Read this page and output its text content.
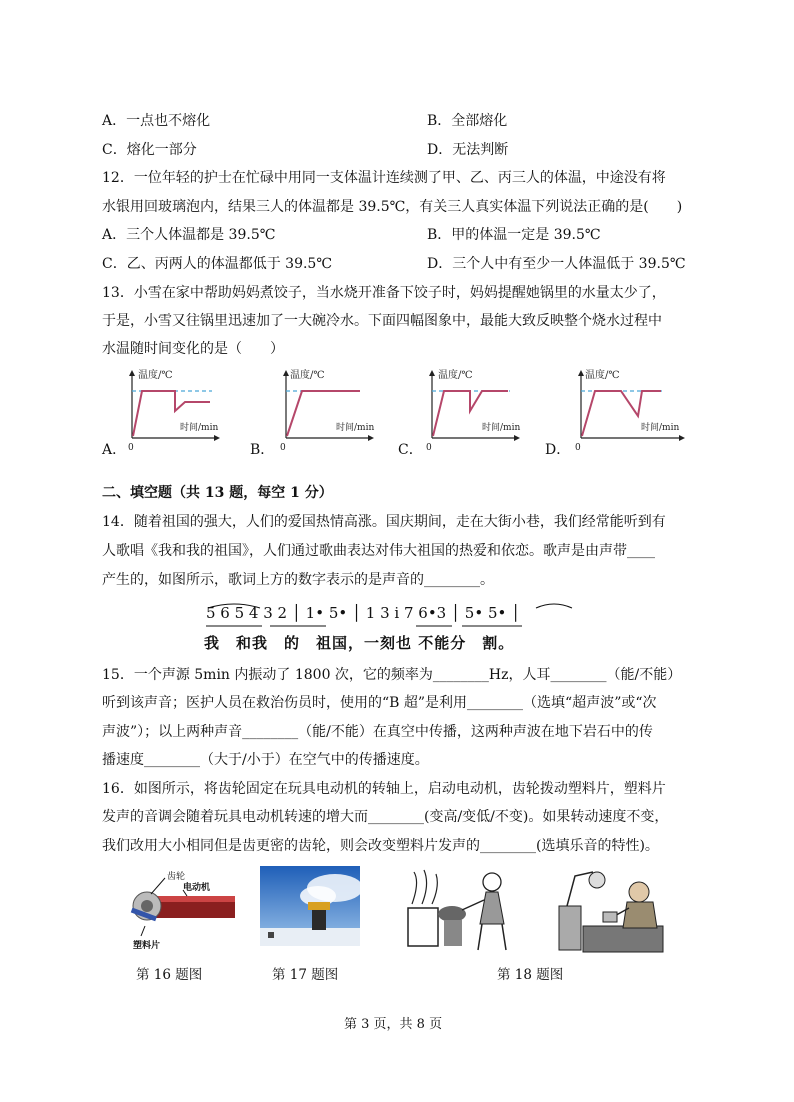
A．一点也不熔化	B．全部熔化
C．熔化一部分	D．无法判断
12．一位年轻的护士在忙碌中用同一支体温计连续测了甲、乙、丙三人的体温，中途没有将
水银用回玻璃泡内，结果三人的体温都是 39.5℃，有关三人真实体温下列说法正确的是(　　)
A．三个人体温都是 39.5℃	B．甲的体温一定是 39.5℃
C．乙、丙两人的体温都低于 39.5℃	D．三个人中有至少一人体温低于 39.5℃
13．小雪在家中帮助妈妈煮饺子，当水烧开准备下饺子时，妈妈提醒她锅里的水量太少了，
于是，小雪又往锅里迅速加了一大碗冷水。下面四幅图象中，最能大致反映整个烧水过程中
水温随时间变化的是（　　）
温度/℃
时间/min
0
A．
温度/℃
时间/min
0
B．
温度/℃
时间/min
0
C．
温度/℃
时间/min
0
D．
二、填空题（共 13 题，每空 1 分）
14．随着祖国的强大，人们的爱国热情高涨。国庆期间，走在大街小巷，我们经常能听到有
人歌唱《我和我的祖国》，人们通过歌曲表达对伟大祖国的热爱和依恋。歌声是由声带____
产生的，如图所示，歌词上方的数字表示的是声音的________。
5 6 5 4 3 2 │ 1• 5• │ 1 3 i 7 6•3 │ 5• 5• │
我　和我　的　祖国，一刻也 不能分　割。
15．一个声源 5min 内振动了 1800 次，它的频率为________Hz，人耳________（能/不能）
听到该声音；医护人员在救治伤员时，使用的“B 超”是利用________（选填“超声波”或“次
声波”）；以上两种声音________（能/不能）在真空中传播，这两种声波在地下岩石中的传
播速度________（大于/小于）在空气中的传播速度。
16．如图所示，将齿轮固定在玩具电动机的转轴上，启动电动机，齿轮拨动塑料片，塑料片
发声的音调会随着玩具电动机转速的增大而________(变高/变低/不变)。如果转动速度不变，
我们改用大小相同但是齿更密的齿轮，则会改变塑料片发声的________(选填乐音的特性)。
齿轮
电动机
塑料片
第 16 题图	第 17 题图	第 18 题图
第 3 页，共 8 页
